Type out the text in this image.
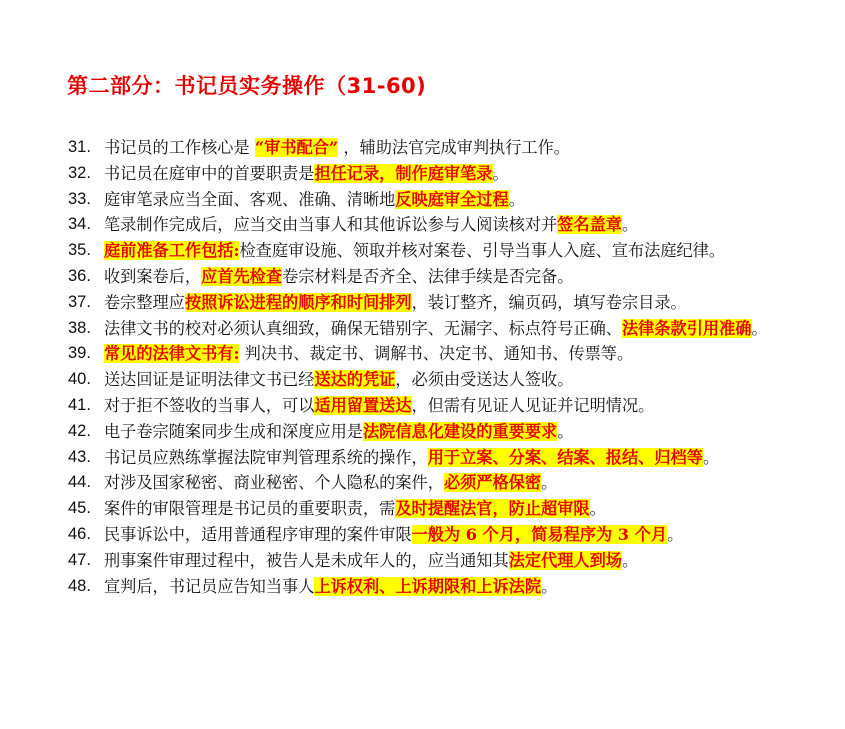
第二部分：书记员实务操作（31-60)
31. 书记员的工作核心是 “审书配合” ，辅助法官完成审判执行工作。
32. 书记员在庭审中的首要职责是担任记录，制作庭审笔录。
33. 庭审笔录应当全面、客观、准确、清晰地反映庭审全过程。
34. 笔录制作完成后，应当交由当事人和其他诉讼参与人阅读核对并签名盖章。
35. 庭前准备工作包括:检查庭审设施、领取并核对案卷、引导当事人入庭、宣布法庭纪律。
36. 收到案卷后，应首先检查卷宗材料是否齐全、法律手续是否完备。
37. 卷宗整理应按照诉讼进程的顺序和时间排列，装订整齐，编页码，填写卷宗目录。
38. 法律文书的校对必须认真细致，确保无错别字、无漏字、标点符号正确、法律条款引用准确。
39. 常见的法律文书有: 判决书、裁定书、调解书、决定书、通知书、传票等。
40. 送达回证是证明法律文书已经送达的凭证，必须由受送达人签收。
41. 对于拒不签收的当事人，可以适用留置送达，但需有见证人见证并记明情况。
42. 电子卷宗随案同步生成和深度应用是法院信息化建设的重要要求。
43. 书记员应熟练掌握法院审判管理系统的操作，用于立案、分案、结案、报结、归档等。
44. 对涉及国家秘密、商业秘密、个人隐私的案件，必须严格保密。
45. 案件的审限管理是书记员的重要职责，需及时提醒法官，防止超审限。
46. 民事诉讼中，适用普通程序审理的案件审限一般为 6 个月，简易程序为 3 个月。
47. 刑事案件审理过程中，被告人是未成年人的，应当通知其法定代理人到场。
48. 宣判后，书记员应告知当事人上诉权利、上诉期限和上诉法院。
